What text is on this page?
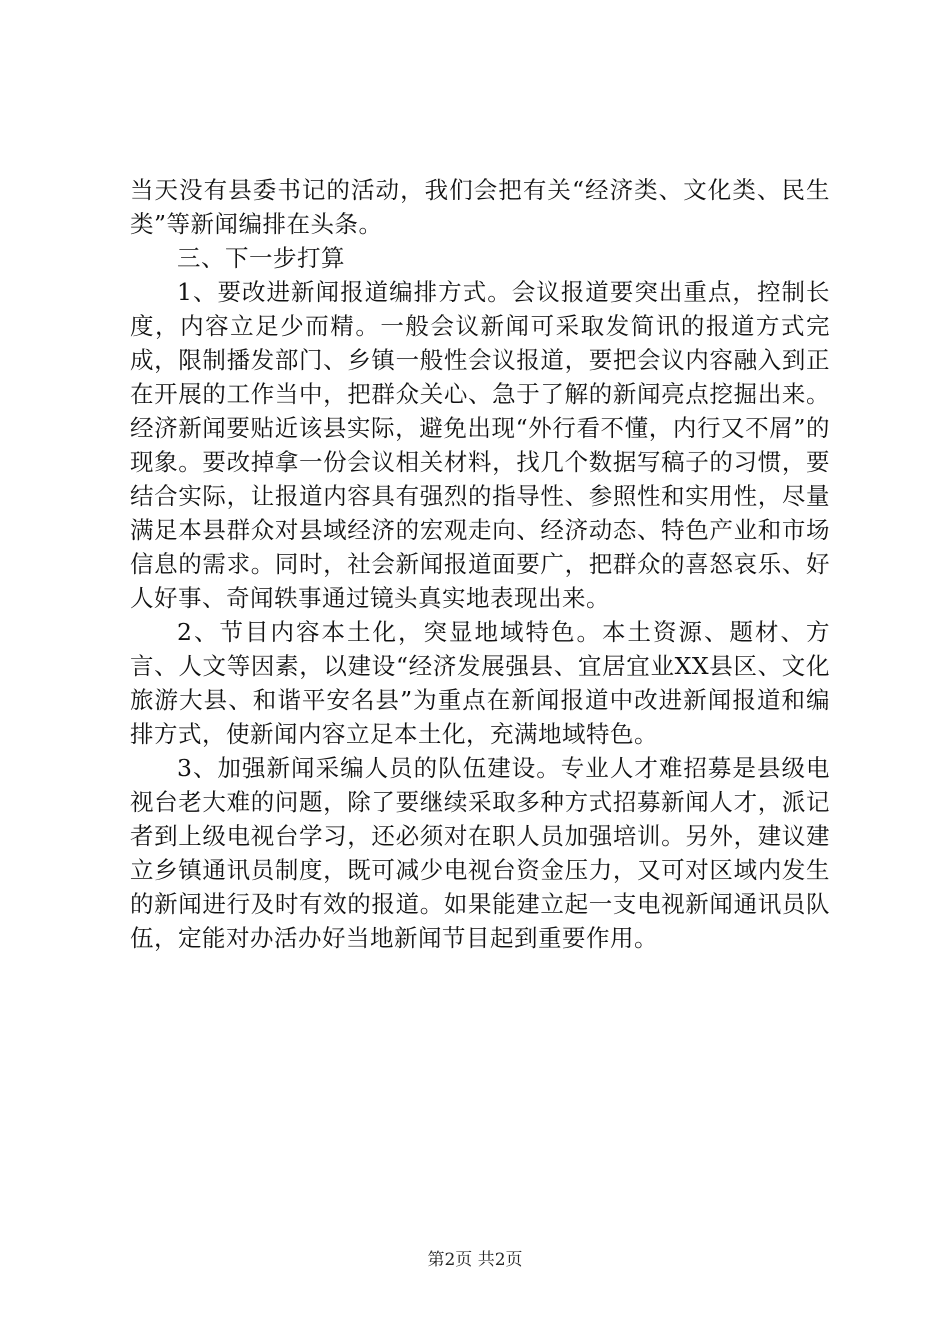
当天没有县委书记的活动，我们会把有关“经济类、文化类、民生类”等新闻编排在头条。

三、下一步打算

1、要改进新闻报道编排方式。会议报道要突出重点，控制长度，内容立足少而精。一般会议新闻可采取发简讯的报道方式完成，限制播发部门、乡镇一般性会议报道，要把会议内容融入到正在开展的工作当中，把群众关心、急于了解的新闻亮点挖掘出来。经济新闻要贴近该县实际，避免出现“外行看不懂，内行又不屑”的现象。要改掉拿一份会议相关材料，找几个数据写稿子的习惯，要结合实际，让报道内容具有强烈的指导性、参照性和实用性，尽量满足本县群众对县域经济的宏观走向、经济动态、特色产业和市场信息的需求。同时，社会新闻报道面要广，把群众的喜怒哀乐、好人好事、奇闻轶事通过镜头真实地表现出来。

2、节目内容本土化，突显地域特色。本土资源、题材、方言、人文等因素，以建设“经济发展强县、宜居宜业XX县区、文化旅游大县、和谐平安名县”为重点在新闻报道中改进新闻报道和编排方式，使新闻内容立足本土化，充满地域特色。

3、加强新闻采编人员的队伍建设。专业人才难招募是县级电视台老大难的问题，除了要继续采取多种方式招募新闻人才，派记者到上级电视台学习，还必须对在职人员加强培训。另外，建议建立乡镇通讯员制度，既可减少电视台资金压力，又可对区域内发生的新闻进行及时有效的报道。如果能建立起一支电视新闻通讯员队伍，定能对办活办好当地新闻节目起到重要作用。

第2页 共2页
